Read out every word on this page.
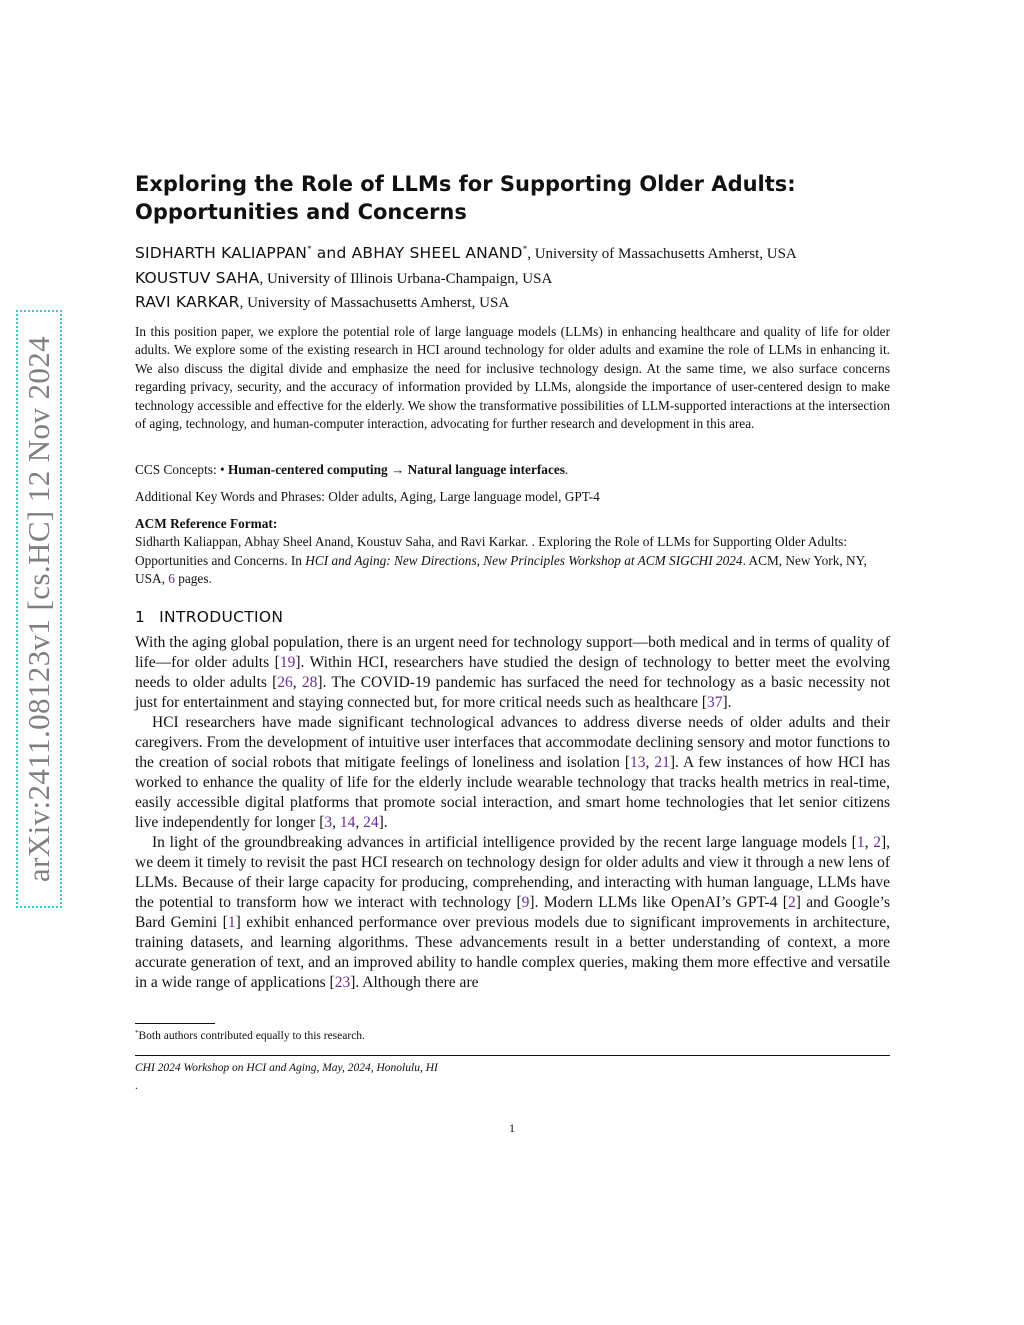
arXiv:2411.08123v1 [cs.HC] 12 Nov 2024
Exploring the Role of LLMs for Supporting Older Adults:
Opportunities and Concerns
SIDHARTH KALIAPPAN* and ABHAY SHEEL ANAND*, University of Massachusetts Amherst, USA
KOUSTUV SAHA, University of Illinois Urbana-Champaign, USA
RAVI KARKAR, University of Massachusetts Amherst, USA

In this position paper, we explore the potential role of large language models (LLMs) in enhancing healthcare and quality of life for older adults. We explore some of the existing research in HCI around technology for older adults and examine the role of LLMs in enhancing it. We also discuss the digital divide and emphasize the need for inclusive technology design. At the same time, we also surface concerns regarding privacy, security, and the accuracy of information provided by LLMs, alongside the importance of user-centered design to make technology accessible and effective for the elderly. We show the transformative possibilities of LLM-supported interactions at the intersection of aging, technology, and human-computer interaction, advocating for further research and development in this area.

CCS Concepts: • Human-centered computing → Natural language interfaces.

Additional Key Words and Phrases: Older adults, Aging, Large language model, GPT-4

ACM Reference Format:
Sidharth Kaliappan, Abhay Sheel Anand, Koustuv Saha, and Ravi Karkar. . Exploring the Role of LLMs for Supporting Older Adults: Opportunities and Concerns. In HCI and Aging: New Directions, New Principles Workshop at ACM SIGCHI 2024. ACM, New York, NY, USA, 6 pages.

1 INTRODUCTION

With the aging global population, there is an urgent need for technology support—both medical and in terms of quality of life—for older adults [19]. Within HCI, researchers have studied the design of technology to better meet the evolving needs to older adults [26, 28]. The COVID-19 pandemic has surfaced the need for technology as a basic necessity not just for entertainment and staying connected but, for more critical needs such as healthcare [37].

HCI researchers have made significant technological advances to address diverse needs of older adults and their caregivers. From the development of intuitive user interfaces that accommodate declining sensory and motor functions to the creation of social robots that mitigate feelings of loneliness and isolation [13, 21]. A few instances of how HCI has worked to enhance the quality of life for the elderly include wearable technology that tracks health metrics in real-time, easily accessible digital platforms that promote social interaction, and smart home technologies that let senior citizens live independently for longer [3, 14, 24].

In light of the groundbreaking advances in artificial intelligence provided by the recent large language models [1, 2], we deem it timely to revisit the past HCI research on technology design for older adults and view it through a new lens of LLMs. Because of their large capacity for producing, comprehending, and interacting with human language, LLMs have the potential to transform how we interact with technology [9]. Modern LLMs like OpenAI’s GPT-4 [2] and Google’s Bard Gemini [1] exhibit enhanced performance over previous models due to significant improvements in architecture, training datasets, and learning algorithms. These advancements result in a better understanding of context, a more accurate generation of text, and an improved ability to handle complex queries, making them more effective and versatile in a wide range of applications [23]. Although there are

*Both authors contributed equally to this research.
CHI 2024 Workshop on HCI and Aging, May, 2024, Honolulu, HI
.
1
